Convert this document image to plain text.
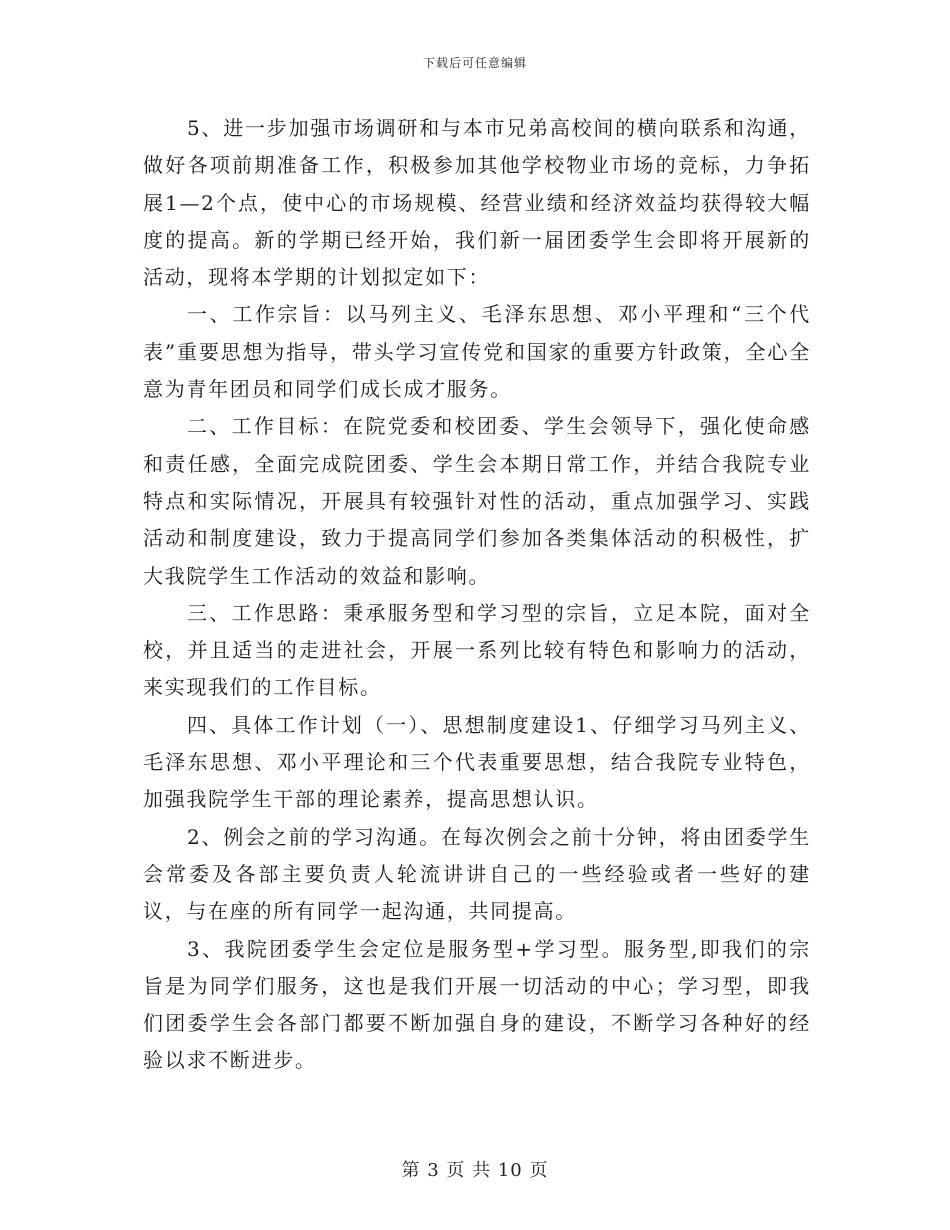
下载后可任意编辑

5、进一步加强市场调研和与本市兄弟高校间的横向联系和沟通，做好各项前期准备工作，积极参加其他学校物业市场的竞标，力争拓展1—2个点，使中心的市场规模、经营业绩和经济效益均获得较大幅度的提高。新的学期已经开始，我们新一届团委学生会即将开展新的活动，现将本学期的计划拟定如下：

一、工作宗旨：以马列主义、毛泽东思想、邓小平理和“三个代表”重要思想为指导，带头学习宣传党和国家的重要方针政策，全心全意为青年团员和同学们成长成才服务。

二、工作目标：在院党委和校团委、学生会领导下，强化使命感和责任感，全面完成院团委、学生会本期日常工作，并结合我院专业特点和实际情况，开展具有较强针对性的活动，重点加强学习、实践活动和制度建设，致力于提高同学们参加各类集体活动的积极性，扩大我院学生工作活动的效益和影响。

三、工作思路：秉承服务型和学习型的宗旨，立足本院，面对全校，并且适当的走进社会，开展一系列比较有特色和影响力的活动，来实现我们的工作目标。

四、具体工作计划（一）、思想制度建设1、仔细学习马列主义、毛泽东思想、邓小平理论和三个代表重要思想，结合我院专业特色，加强我院学生干部的理论素养，提高思想认识。

2、例会之前的学习沟通。在每次例会之前十分钟，将由团委学生会常委及各部主要负责人轮流讲讲自己的一些经验或者一些好的建议，与在座的所有同学一起沟通，共同提高。

3、我院团委学生会定位是服务型+学习型。服务型,即我们的宗旨是为同学们服务，这也是我们开展一切活动的中心；学习型，即我们团委学生会各部门都要不断加强自身的建设，不断学习各种好的经验以求不断进步。

第 3 页 共 10 页
